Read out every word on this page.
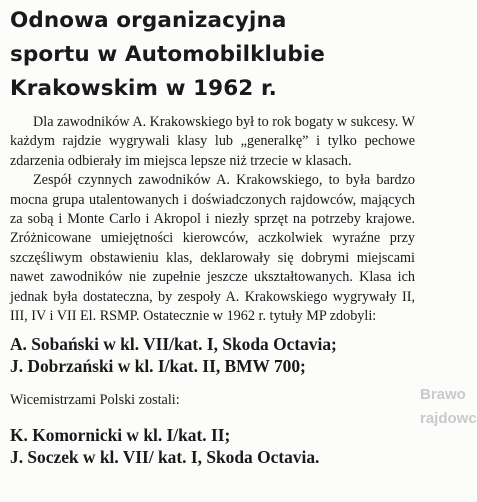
Odnowa organizacyjna
sportu w Automobilklubie
Krakowskim w 1962 r.

Dla zawodników A. Krakowskiego był to rok bogaty w sukcesy. W każdym rajdzie wygrywali klasy lub „generalkę” i tylko pechowe zdarzenia odbierały im miejsca lepsze niż trzecie w klasach.

Zespół czynnych zawodników A. Krakowskiego, to była bardzo mocna grupa utalentowanych i doświadczonych rajdowców, mających za sobą i Monte Carlo i Akropol i niezły sprzęt na potrzeby krajowe. Zróżnicowane umiejętności kierowców, aczkolwiek wyraźne przy szczęśliwym obstawieniu klas, deklarowały się dobrymi miejscami nawet zawodników nie zupełnie jeszcze ukształtowanych. Klasa ich jednak była dostateczna, by zespoły A. Krakowskiego wygrywały II, III, IV i VII El. RSMP. Ostatecznie w 1962 r. tytuły MP zdobyli:

A. Sobański w kl. VII/kat. I, Skoda Octavia;

J. Dobrzański w kl. I/kat. II, BMW 700;

Wicemistrzami Polski zostali:

K. Komornicki w kl. I/kat. II;

J. Soczek w kl. VII/ kat. I, Skoda Octavia.

Brawo
rajdowc
